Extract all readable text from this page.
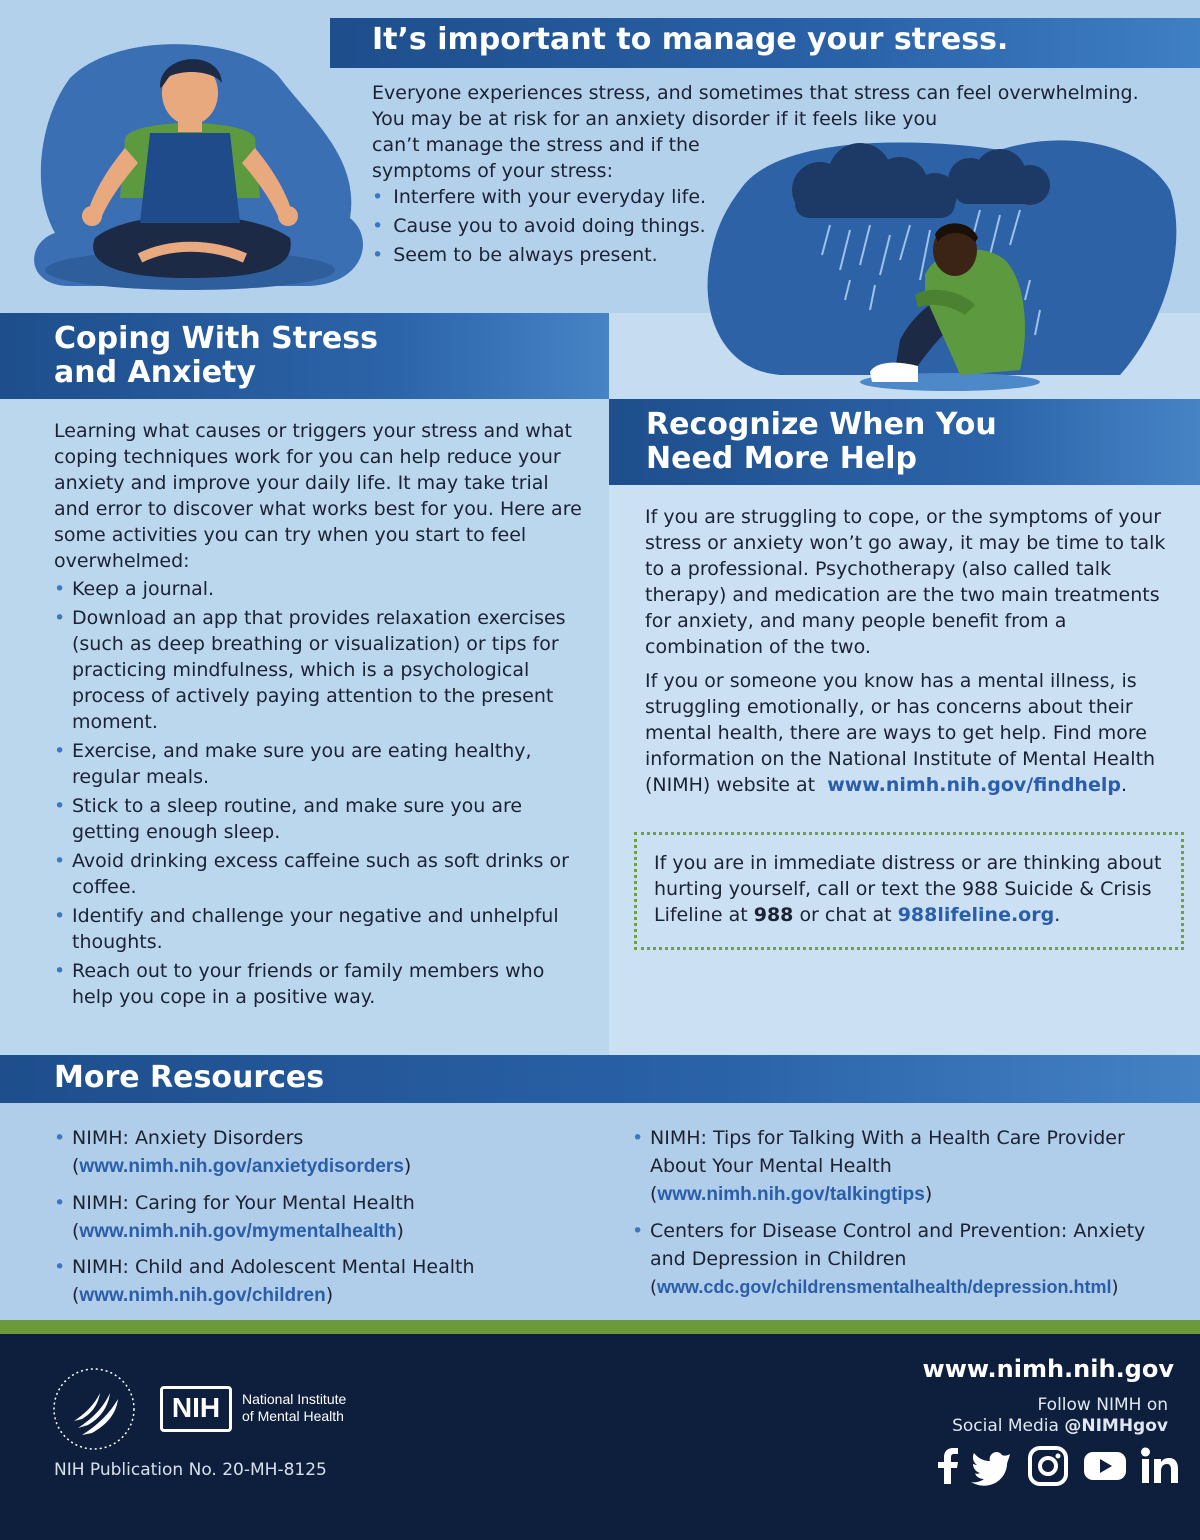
It’s important to manage your stress.
Everyone experiences stress, and sometimes that stress can feel overwhelming.
You may be at risk for an anxiety disorder if it feels like you
can’t manage the stress and if the
symptoms of your stress:
• Interfere with your everyday life.
• Cause you to avoid doing things.
• Seem to be always present.
Coping With Stress
and Anxiety

Learning what causes or triggers your stress and what coping techniques work for you can help reduce your anxiety and improve your daily life. It may take trial and error to discover what works best for you. Here are some activities you can try when you start to feel overwhelmed:

• Keep a journal.
• Download an app that provides relaxation exercises (such as deep breathing or visualization) or tips for practicing mindfulness, which is a psychological process of actively paying attention to the present moment.
• Exercise, and make sure you are eating healthy, regular meals.
• Stick to a sleep routine, and make sure you are getting enough sleep.
• Avoid drinking excess caffeine such as soft drinks or coffee.
• Identify and challenge your negative and unhelpful thoughts.
• Reach out to your friends or family members who help you cope in a positive way.
Recognize When You
Need More Help

If you are struggling to cope, or the symptoms of your stress or anxiety won’t go away, it may be time to talk to a professional. Psychotherapy (also called talk therapy) and medication are the two main treatments for anxiety, and many people benefit from a combination of the two.

If you or someone you know has a mental illness, is struggling emotionally, or has concerns about their mental health, there are ways to get help. Find more information on the National Institute of Mental Health (NIMH) website at www.nimh.nih.gov/findhelp.

If you are in immediate distress or are thinking about hurting yourself, call or text the 988 Suicide & Crisis Lifeline at 988 or chat at 988lifeline.org.

More Resources
• NIMH: Anxiety Disorders
(www.nimh.nih.gov/anxietydisorders)
• NIMH: Caring for Your Mental Health
(www.nimh.nih.gov/mymentalhealth)
• NIMH: Child and Adolescent Mental Health
(www.nimh.nih.gov/children)
• NIMH: Tips for Talking With a Health Care Provider About Your Mental Health
(www.nimh.nih.gov/talkingtips)
• Centers for Disease Control and Prevention: Anxiety and Depression in Children
(www.cdc.gov/childrensmentalhealth/depression.html)
NIH	National Institute
of Mental Health
NIH Publication No. 20-MH-8125
www.nimh.nih.gov
Follow NIMH on
Social Media @NIMHgov
